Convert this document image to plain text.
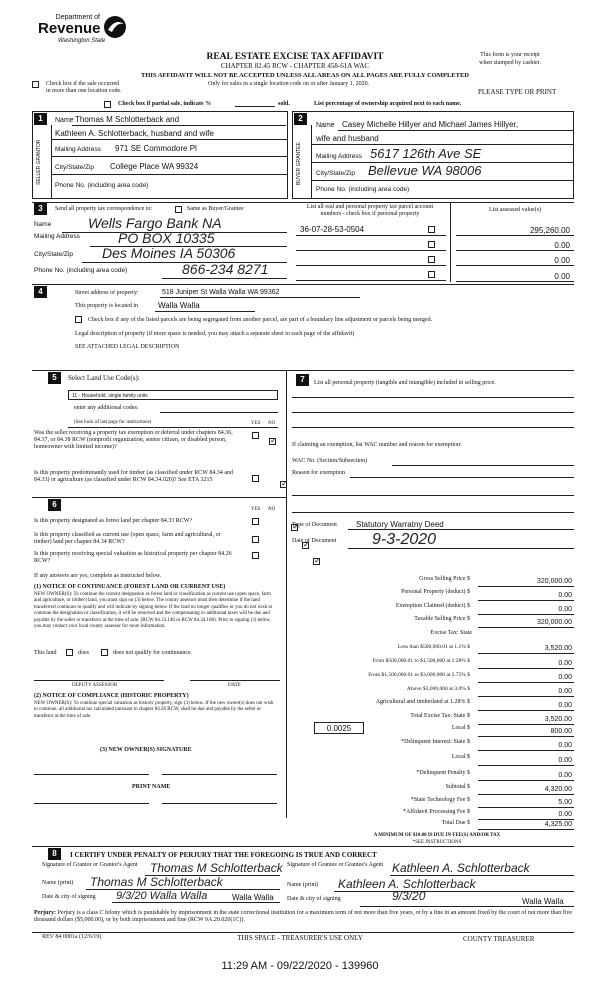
Department of
Revenue
Washington State
REAL ESTATE EXCISE TAX AFFIDAVIT
CHAPTER 82.45 RCW - CHAPTER 458-61A WAC
This form is your receipt
when stamped by cashier.
THIS AFFIDAVIT WILL NOT BE ACCEPTED UNLESS ALL AREAS ON ALL PAGES ARE FULLY COMPLETED
Check box if the sale occurred
in more than one location code.
Only for sales in a single location code on or after January 1, 2020.
PLEASE TYPE OR PRINT
Check box if partial sale, indicate %	sold.	List percentage of ownership acquired next to each name.
1
SELLER GRANTOR
Name Thomas M Schlotterback and
Kathleen A. Schlotterback, husband and wife
Mailing Address 971 SE Commodore Pl
City/State/Zip College Place WA 99324
Phone No. (including area code)
2
BUYER GRANTEE
Name Casey Michelle Hillyer and Michael James Hillyer,
wife and husband
Mailing Address 5617 126th Ave SE
City/State/Zip Bellevue WA 98006
Phone No. (including area code)
3	Send all property tax correspondence to:	Same as Buyer/Grantee	List all real and personal property tax parcel account numbers - check box if personal property
List assessed value(s)
Name	Wells Fargo Bank NA
Mailing Address	PO BOX 10335
City/State/Zip Des Moines IA 50306
Phone No. (including area code)	866-234 8271
36-07-28-53-0504	295,260.00
0.00
0.00
0.00
4	Street address of property:	518 Juniper St Walla Walla WA 99362
This property is located in	Walla Walla
Check box if any of the listed parcels are being segregated from another parcel, are part of a boundary line adjustment or parcels being merged.
Legal description of property (if more space is needed, you may attach a separate sheet to each page of the affidavit)
SEE ATTACHED LEGAL DESCRIPTION
5	Select Land Use Code(s):
11 - Household, single family units
enter any additional codes:
(See back of last page for instructions)	YES NO
Was the seller receiving a property tax exemption or deferral under chapters 84.36, 84.37, or 84.38 RCW (nonprofit organization, senior citizen, or disabled person, homeowner with limited income)?
✓
Is this property predominantly used for timber (as classified under RCW 84.34 and 84.33) or agriculture (as classified under RCW 84.34.020)? See ETA 3215
✓
6
YES NO
Is this property designated as forest land per chapter 84.33 RCW?
✓
Is this property classified as current use (open space, farm and agricultural, or timber) land per chapter 84.34 RCW?
✓
Is this property receiving special valuation as historical property per chapter 84.26 RCW?
✓
If any answers are yes, complete as instructed below.
(1) NOTICE OF CONTINUANCE (FOREST LAND OR CURRENT USE)
NEW OWNER(S): To continue the current designation as forest land or classification as current use (open space, farm and agriculture, or timber) land, you must sign on (3) below. The county assessor must then determine if the land transferred continues to qualify and will indicate by signing below. If the land no longer qualifies or you do not wish to continue the designation or classification, it will be removed and the compensating or additional taxes will be due and payable by the seller or transferor at the time of sale. (RCW 84.33.140 or RCW 84.34.108). Prior to signing (3) below, you may contact your local county assessor for more information.
This land	does	does not qualify for continuance.
DEPUTY ASSESSOR	DATE
(2) NOTICE OF COMPLIANCE (HISTORIC PROPERTY)
NEW OWNER(S): To continue special valuation as historic property, sign (3) below. If the new owner(s) does not wish to continue, all additional tax calculated pursuant to chapter 84.26 RCW, shall be due and payable by the seller or transferor at the time of sale.
(3) NEW OWNER(S) SIGNATURE
PRINT NAME
7	List all personal property (tangible and intangible) included in selling price.
If claiming an exemption, list WAC number and reason for exemption:
WAC No. (Section/Subsection)
Reason for exemption
Type of Document Statutory Warratny Deed
Date of Document 9-3-2020
Gross Selling Price $	320,000.00
Personal Property (deduct) $	0.00
Exemption Claimed (deduct) $	0.00
Taxable Selling Price $	320,000.00
Excise Tax: State
Less than $500,000.01 at 1.1% $	3,520.00
From $500,000.01 to $1,500,000 at 1.28% $	0.00
From $1,500,000.01 to $3,000,000 at 2.75% $	0.00
Above $3,000,000 at 3.0% $	0.00
Agricultural and timberland at 1.28% $	0.00
Total Excise Tax: State $	3,520.00
0.0025	Local $	800.00
*Delinquent Interest: State $	0.00
Local $	0.00
*Delinquent Penalty $	0.00
Subtotal $	4,320.00
*State Technology Fee $	5.00
*Affidavit Processing Fee $	0.00
Total Due $	4,325.00
A MINIMUM OF $10.00 IS DUE IN FEE(S) AND/OR TAX
*SEE INSTRUCTIONS
8	I CERTIFY UNDER PENALTY OF PERJURY THAT THE FOREGOING IS TRUE AND CORRECT
Signature of Grantor or Grantor's Agent	Thomas M Schlotterback Signature of Grantee or Grantee's Agent Kathleen A. Schlotterback
Name (print) Thomas M Schlotterback	Name (print) Kathleen A. Schlotterback
Date & city of signing 9/3/20 Walla Walla	Walla Walla Date & city of signing	9/3/20	Walla Walla
Perjury: Perjury is a class C felony which is punishable by imprisonment in the state correctional institution for a maximum term of not more than five years, or by a fine in an amount fixed by the court of not more than five thousand dollars ($5,000.00), or by both imprisonment and fine (RCW 9A.20.020(1C)).
REV 84 0001a (12/6/19)	THIS SPACE - TREASURER'S USE ONLY	COUNTY TREASURER
11:29 AM - 09/22/2020 - 139960
